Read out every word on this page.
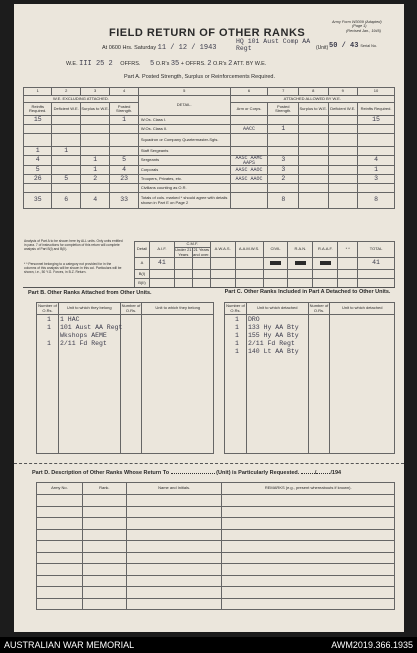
Army Form W3009 (Adapted)
(Page 1)
(Revised Jan., 1945)
50 / 43 Serial No.
FIELD RETURN OF OTHER RANKS
At 0600 Hrs. Saturday 11 / 12 / 1943
HQ 101 Aust Comp AA Regt	(Unit)
W.E. III 25 2 OFFRS. 5 O.R's 35 + OFFRS. 2 O.R's 2 ATT. BY W.E.
Part A. Posted Strength, Surplus or Reinforcements Required.
1	2	3	4	5	6	7	8	9	10
W.E. EXCLUDING ATTACHED.				DETAIL.	ATTACHED ALLOWED BY W.E.				
Reinfts Required.	Deficient W.E.	Surplus to W.E.	Posted Strength.		Arm or Corps.	Posted Strength.	Surplus to W.E.	Deficient W.E.	Reinfts Required.
15			1	W.Os. Class I.					15
				W.Os. Class II.	AACC	1			
				Squadron or Company Quartermaster-Sgts.					
1	1			Staff Sergeants					
4		1	5	Sergeants	AASC AAMC AAPS	3			4
5		1	4	Corporals	AASC AAOC	3			1
26	5	2	23	Troopers, Privates, etc.	AASC AAOC	2			3
				Civilians counting as O.R.					
35	6	4	33	Totals of cols. marked * should agree with details shown in Part E on Page 2		8			8
Analysis of Part A to be shown here by ALL units. Only units entitled in para. 7 of instructions for completion of this return will complete analysis of Part B(I) and B(II).
* * Personnel belonging to a category not provided for in the columns of this analysis will be shown in this col. Particulars will be shown, i.e., 50 Y.G. Forces, in B.Z. Return.
Detail	A.I.F.	C.M.F.		A.W.A.S.	A.A.M.W.S.	CIVIL	R.A.N.	R.A.A.F.	* *	TOTAL
		Under 21 Years	21 Years and over.							
A	41									41
B(I)										
B(II)										
Part B. Other Ranks Attached from Other Units.	Part C. Other Ranks Included in Part A Detached to Other Units.
Number of O.Rs.	Unit to which they belong	Number of O.Rs.	Unit to which they belong

1 1 HAC
1 101 Aust AA Regt
Wkshops AEME
1 2/11 Fd Regt
Number of O.Rs.	Unit to which detached	Number of O.Rs.	Unit to which detached

1 DRO
1 133 Hy AA Bty
1 155 Hy AA Bty
1 2/11 Fd Regt
1 140 Lt AA Bty
Part D. Description of Other Ranks Whose Return To	(Unit) is Particularly Requested.	/	/194
Army No.	Rank.	Name and Initials.	REMARKS (e.g., present whereabouts if known).

AUSTRALIAN WAR MEMORIAL	AWM2019.366.1935
